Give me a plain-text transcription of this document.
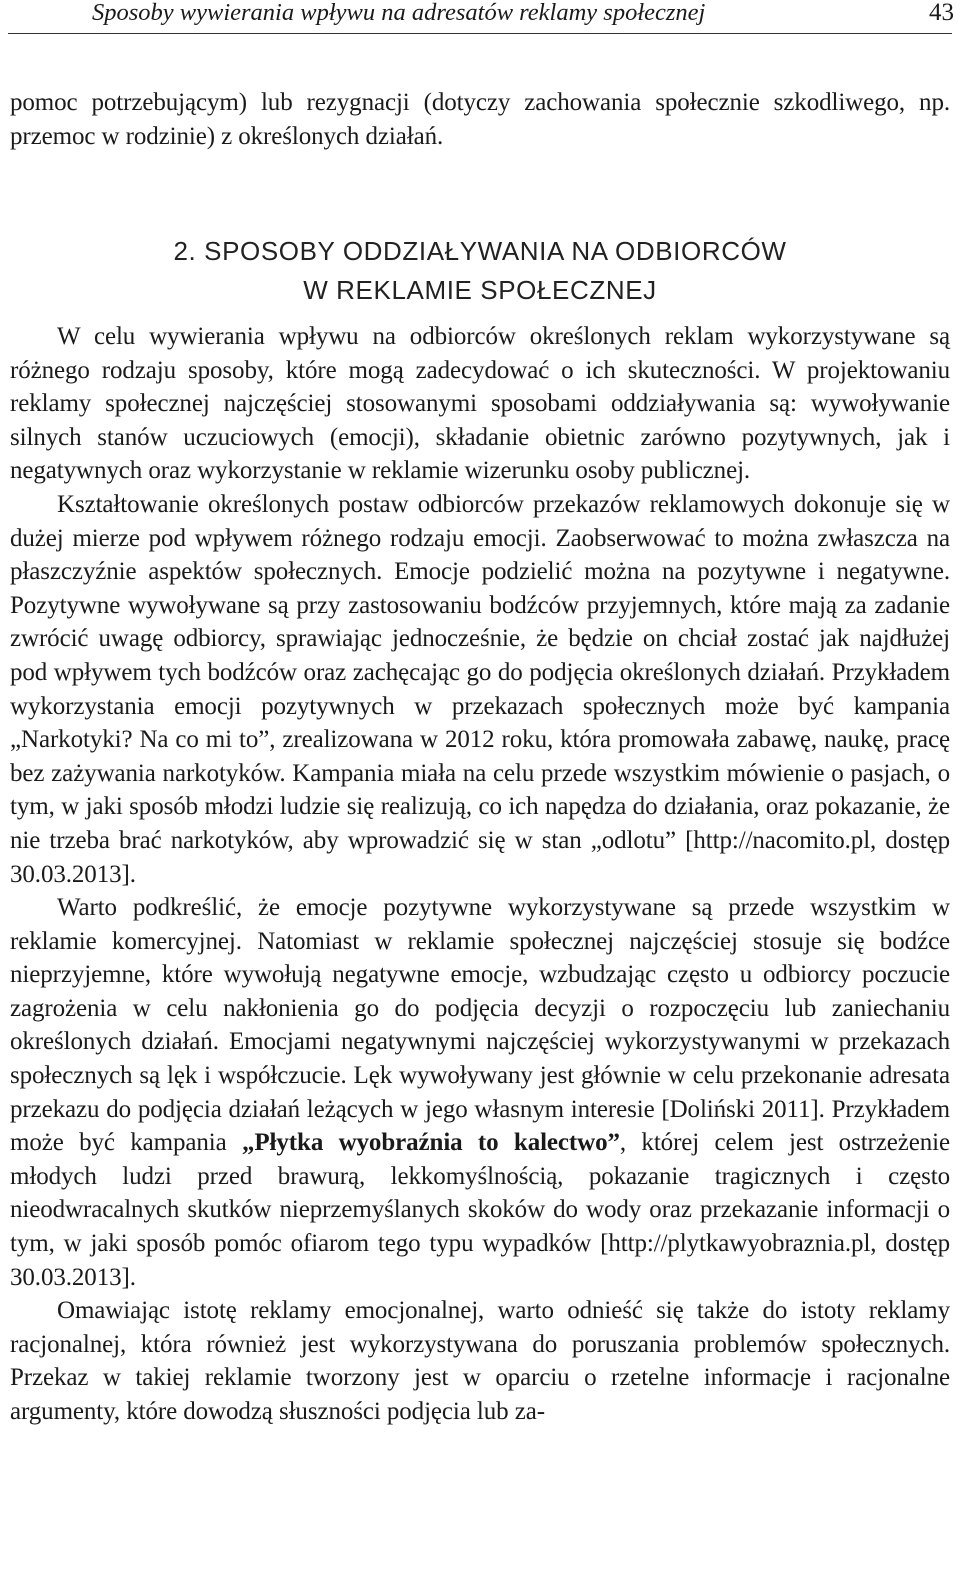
Sposoby wywierania wpływu na adresatów reklamy społecznej	43

pomoc potrzebującym) lub rezygnacji (dotyczy zachowania społecznie szkodliwego, np. przemoc w rodzinie) z określonych działań.

2. SPOSOBY ODDZIAŁYWANIA NA ODBIORCÓW
W REKLAMIE SPOŁECZNEJ

W celu wywierania wpływu na odbiorców określonych reklam wykorzystywane są różnego rodzaju sposoby, które mogą zadecydować o ich skuteczności. W projektowaniu reklamy społecznej najczęściej stosowanymi sposobami oddziaływania są: wywoływanie silnych stanów uczuciowych (emocji), składanie obietnic zarówno pozytywnych, jak i negatywnych oraz wykorzystanie w reklamie wizerunku osoby publicznej.

Kształtowanie określonych postaw odbiorców przekazów reklamowych dokonuje się w dużej mierze pod wpływem różnego rodzaju emocji. Zaobserwować to można zwłaszcza na płaszczyźnie aspektów społecznych. Emocje podzielić można na pozytywne i negatywne. Pozytywne wywoływane są przy zastosowaniu bodźców przyjemnych, które mają za zadanie zwrócić uwagę odbiorcy, sprawiając jednocześnie, że będzie on chciał zostać jak najdłużej pod wpływem tych bodźców oraz zachęcając go do podjęcia określonych działań. Przykładem wykorzystania emocji pozytywnych w przekazach społecznych może być kampania „Narkotyki? Na co mi to”, zrealizowana w 2012 roku, która promowała zabawę, naukę, pracę bez zażywania narkotyków. Kampania miała na celu przede wszystkim mówienie o pasjach, o tym, w jaki sposób młodzi ludzie się realizują, co ich napędza do działania, oraz pokazanie, że nie trzeba brać narkotyków, aby wprowadzić się w stan „odlotu” [http://nacomito.pl, dostęp 30.03.2013].

Warto podkreślić, że emocje pozytywne wykorzystywane są przede wszystkim w reklamie komercyjnej. Natomiast w reklamie społecznej najczęściej stosuje się bodźce nieprzyjemne, które wywołują negatywne emocje, wzbudzając często u odbiorcy poczucie zagrożenia w celu nakłonienia go do podjęcia decyzji o rozpoczęciu lub zaniechaniu określonych działań. Emocjami negatywnymi najczęściej wykorzystywanymi w przekazach społecznych są lęk i współczucie. Lęk wywoływany jest głównie w celu przekonanie adresata przekazu do podjęcia działań leżących w jego własnym interesie [Doliński 2011]. Przykładem może być kampania „Płytka wyobraźnia to kalectwo”, której celem jest ostrzeżenie młodych ludzi przed brawurą, lekkomyślnością, pokazanie tragicznych i często nieodwracalnych skutków nieprzemyślanych skoków do wody oraz przekazanie informacji o tym, w jaki sposób pomóc ofiarom tego typu wypadków [http://plytkawyobraznia.pl, dostęp 30.03.2013].

Omawiając istotę reklamy emocjonalnej, warto odnieść się także do istoty reklamy racjonalnej, która również jest wykorzystywana do poruszania problemów społecznych. Przekaz w takiej reklamie tworzony jest w oparciu o rzetelne informacje i racjonalne argumenty, które dowodzą słuszności podjęcia lub za-
